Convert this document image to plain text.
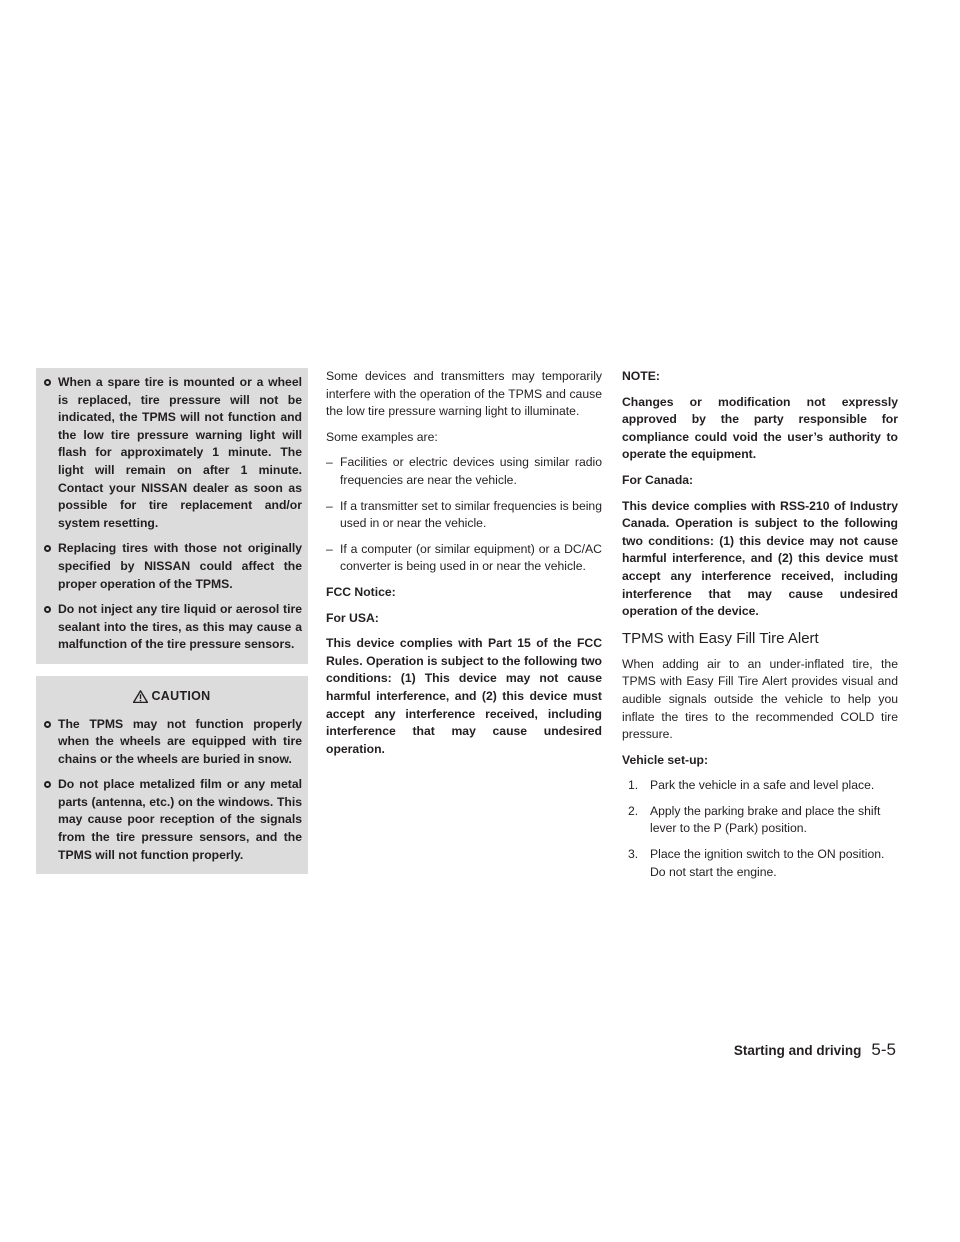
When a spare tire is mounted or a wheel is replaced, tire pressure will not be indicated, the TPMS will not function and the low tire pressure warning light will flash for approximately 1 minute. The light will remain on after 1 minute. Contact your NISSAN dealer as soon as possible for tire replacement and/or system resetting.
Replacing tires with those not originally specified by NISSAN could affect the proper operation of the TPMS.
Do not inject any tire liquid or aerosol tire sealant into the tires, as this may cause a malfunction of the tire pressure sensors.
CAUTION
The TPMS may not function properly when the wheels are equipped with tire chains or the wheels are buried in snow.
Do not place metalized film or any metal parts (antenna, etc.) on the windows. This may cause poor reception of the signals from the tire pressure sensors, and the TPMS will not function properly.

Some devices and transmitters may temporarily interfere with the operation of the TPMS and cause the low tire pressure warning light to illuminate.

Some examples are:

– Facilities or electric devices using similar radio frequencies are near the vehicle.
– If a transmitter set to similar frequencies is being used in or near the vehicle.
– If a computer (or similar equipment) or a DC/AC converter is being used in or near the vehicle.

FCC Notice:

For USA:

This device complies with Part 15 of the FCC Rules. Operation is subject to the following two conditions: (1) This device may not cause harmful interference, and (2) this device must accept any interference received, including interference that may cause undesired operation.

NOTE:

Changes or modification not expressly approved by the party responsible for compliance could void the user’s authority to operate the equipment.

For Canada:

This device complies with RSS-210 of Industry Canada. Operation is subject to the following two conditions: (1) this device may not cause harmful interference, and (2) this device must accept any interference received, including interference that may cause undesired operation of the device.

TPMS with Easy Fill Tire Alert

When adding air to an under-inflated tire, the TPMS with Easy Fill Tire Alert provides visual and audible signals outside the vehicle to help you inflate the tires to the recommended COLD tire pressure.

Vehicle set-up:

1. Park the vehicle in a safe and level place.
2. Apply the parking brake and place the shift lever to the P (Park) position.
3. Place the ignition switch to the ON position. Do not start the engine.
Starting and driving 5-5
